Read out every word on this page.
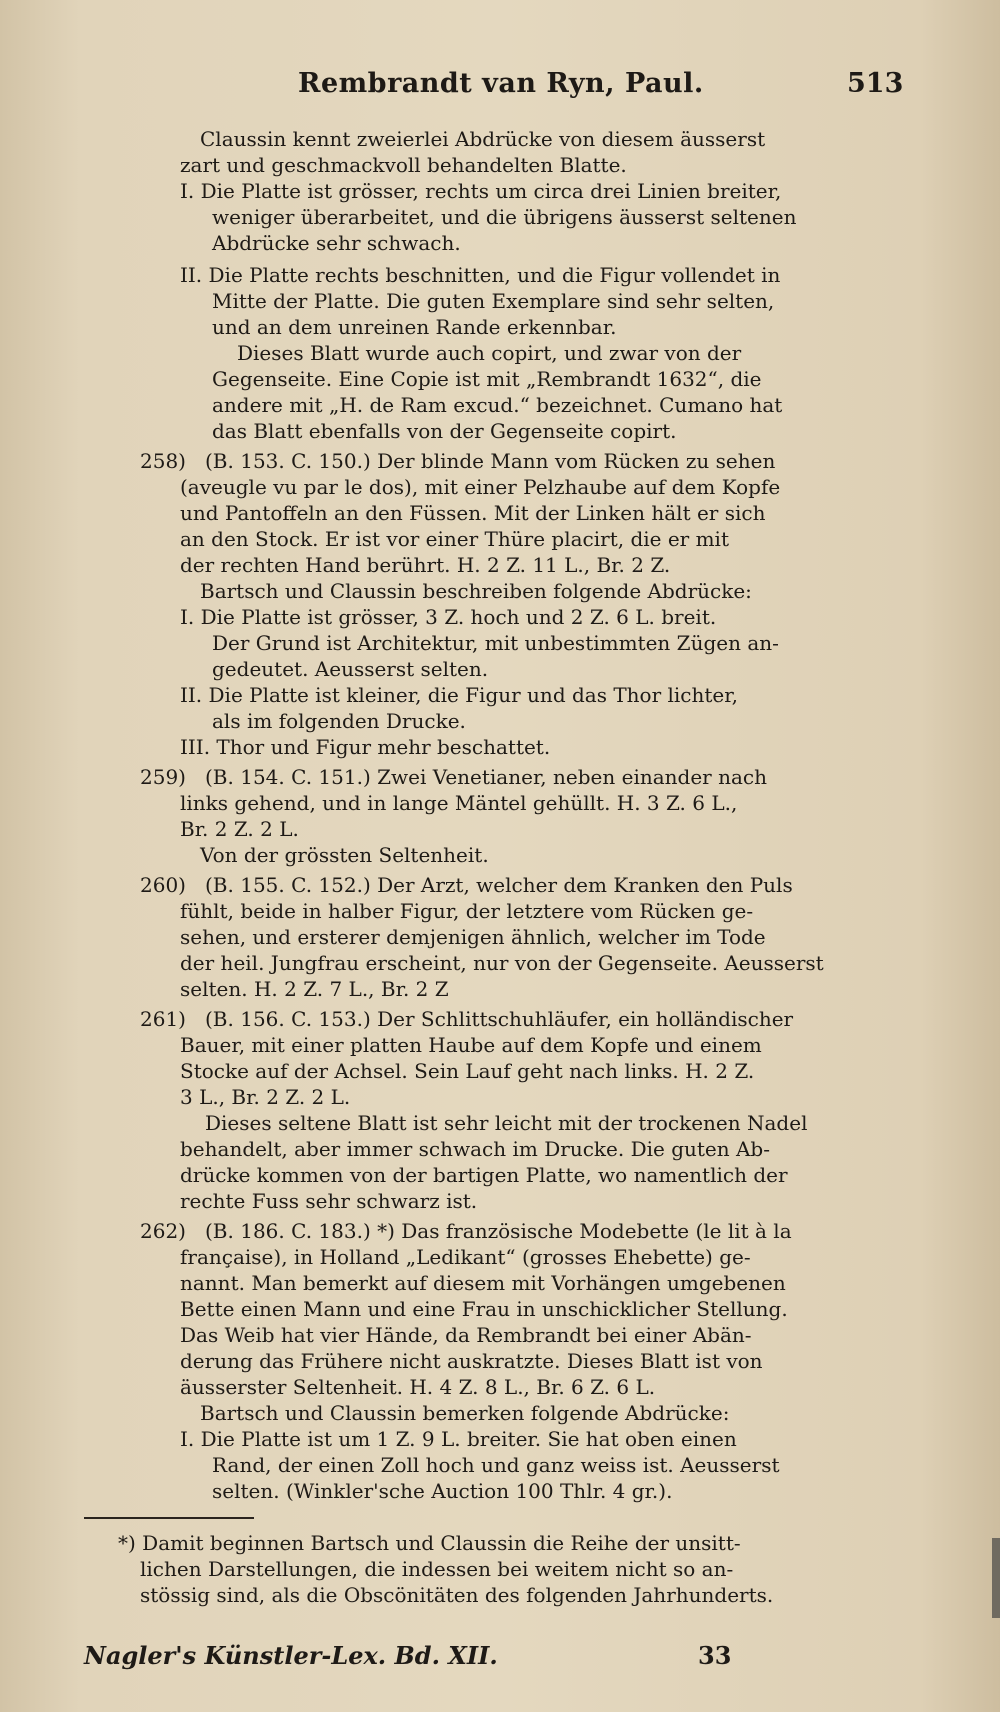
Rembrandt van Ryn, Paul.	513
Claussin kennt zweierlei Abdrücke von diesem äusserst
zart und geschmackvoll behandelten Blatte.
I. Die Platte ist grösser, rechts um circa drei Linien breiter,
weniger überarbeitet, und die übrigens äusserst seltenen
Abdrücke sehr schwach.
II. Die Platte rechts beschnitten, und die Figur vollendet in
Mitte der Platte. Die guten Exemplare sind sehr selten,
und an dem unreinen Rande erkennbar.
Dieses Blatt wurde auch copirt, und zwar von der
Gegenseite. Eine Copie ist mit „Rembrandt 1632“, die
andere mit „H. de Ram excud.“ bezeichnet. Cumano hat
das Blatt ebenfalls von der Gegenseite copirt.
258) (B. 153. C. 150.) Der blinde Mann vom Rücken zu sehen
(aveugle vu par le dos), mit einer Pelzhaube auf dem Kopfe
und Pantoffeln an den Füssen. Mit der Linken hält er sich
an den Stock. Er ist vor einer Thüre placirt, die er mit
der rechten Hand berührt. H. 2 Z. 11 L., Br. 2 Z.
Bartsch und Claussin beschreiben folgende Abdrücke:
I. Die Platte ist grösser, 3 Z. hoch und 2 Z. 6 L. breit.
Der Grund ist Architektur, mit unbestimmten Zügen an-
gedeutet. Aeusserst selten.
II. Die Platte ist kleiner, die Figur und das Thor lichter,
als im folgenden Drucke.
III. Thor und Figur mehr beschattet.
259) (B. 154. C. 151.) Zwei Venetianer, neben einander nach
links gehend, und in lange Mäntel gehüllt. H. 3 Z. 6 L.,
Br. 2 Z. 2 L.
Von der grössten Seltenheit.
260) (B. 155. C. 152.) Der Arzt, welcher dem Kranken den Puls
fühlt, beide in halber Figur, der letztere vom Rücken ge-
sehen, und ersterer demjenigen ähnlich, welcher im Tode
der heil. Jungfrau erscheint, nur von der Gegenseite. Aeusserst
selten. H. 2 Z. 7 L., Br. 2 Z
261) (B. 156. C. 153.) Der Schlittschuhläufer, ein holländischer
Bauer, mit einer platten Haube auf dem Kopfe und einem
Stocke auf der Achsel. Sein Lauf geht nach links. H. 2 Z.
3 L., Br. 2 Z. 2 L.
Dieses seltene Blatt ist sehr leicht mit der trockenen Nadel
behandelt, aber immer schwach im Drucke. Die guten Ab-
drücke kommen von der bartigen Platte, wo namentlich der
rechte Fuss sehr schwarz ist.
262) (B. 186. C. 183.) *) Das französische Modebette (le lit à la
française), in Holland „Ledikant“ (grosses Ehebette) ge-
nannt. Man bemerkt auf diesem mit Vorhängen umgebenen
Bette einen Mann und eine Frau in unschicklicher Stellung.
Das Weib hat vier Hände, da Rembrandt bei einer Abän-
derung das Frühere nicht auskratzte. Dieses Blatt ist von
äusserster Seltenheit. H. 4 Z. 8 L., Br. 6 Z. 6 L.
Bartsch und Claussin bemerken folgende Abdrücke:
I. Die Platte ist um 1 Z. 9 L. breiter. Sie hat oben einen
Rand, der einen Zoll hoch und ganz weiss ist. Aeusserst
selten. (Winkler'sche Auction 100 Thlr. 4 gr.).
*) Damit beginnen Bartsch und Claussin die Reihe der unsitt-
lichen Darstellungen, die indessen bei weitem nicht so an-
stössig sind, als die Obscönitäten des folgenden Jahrhunderts.
Nagler's Künstler-Lex. Bd. XII.	33
